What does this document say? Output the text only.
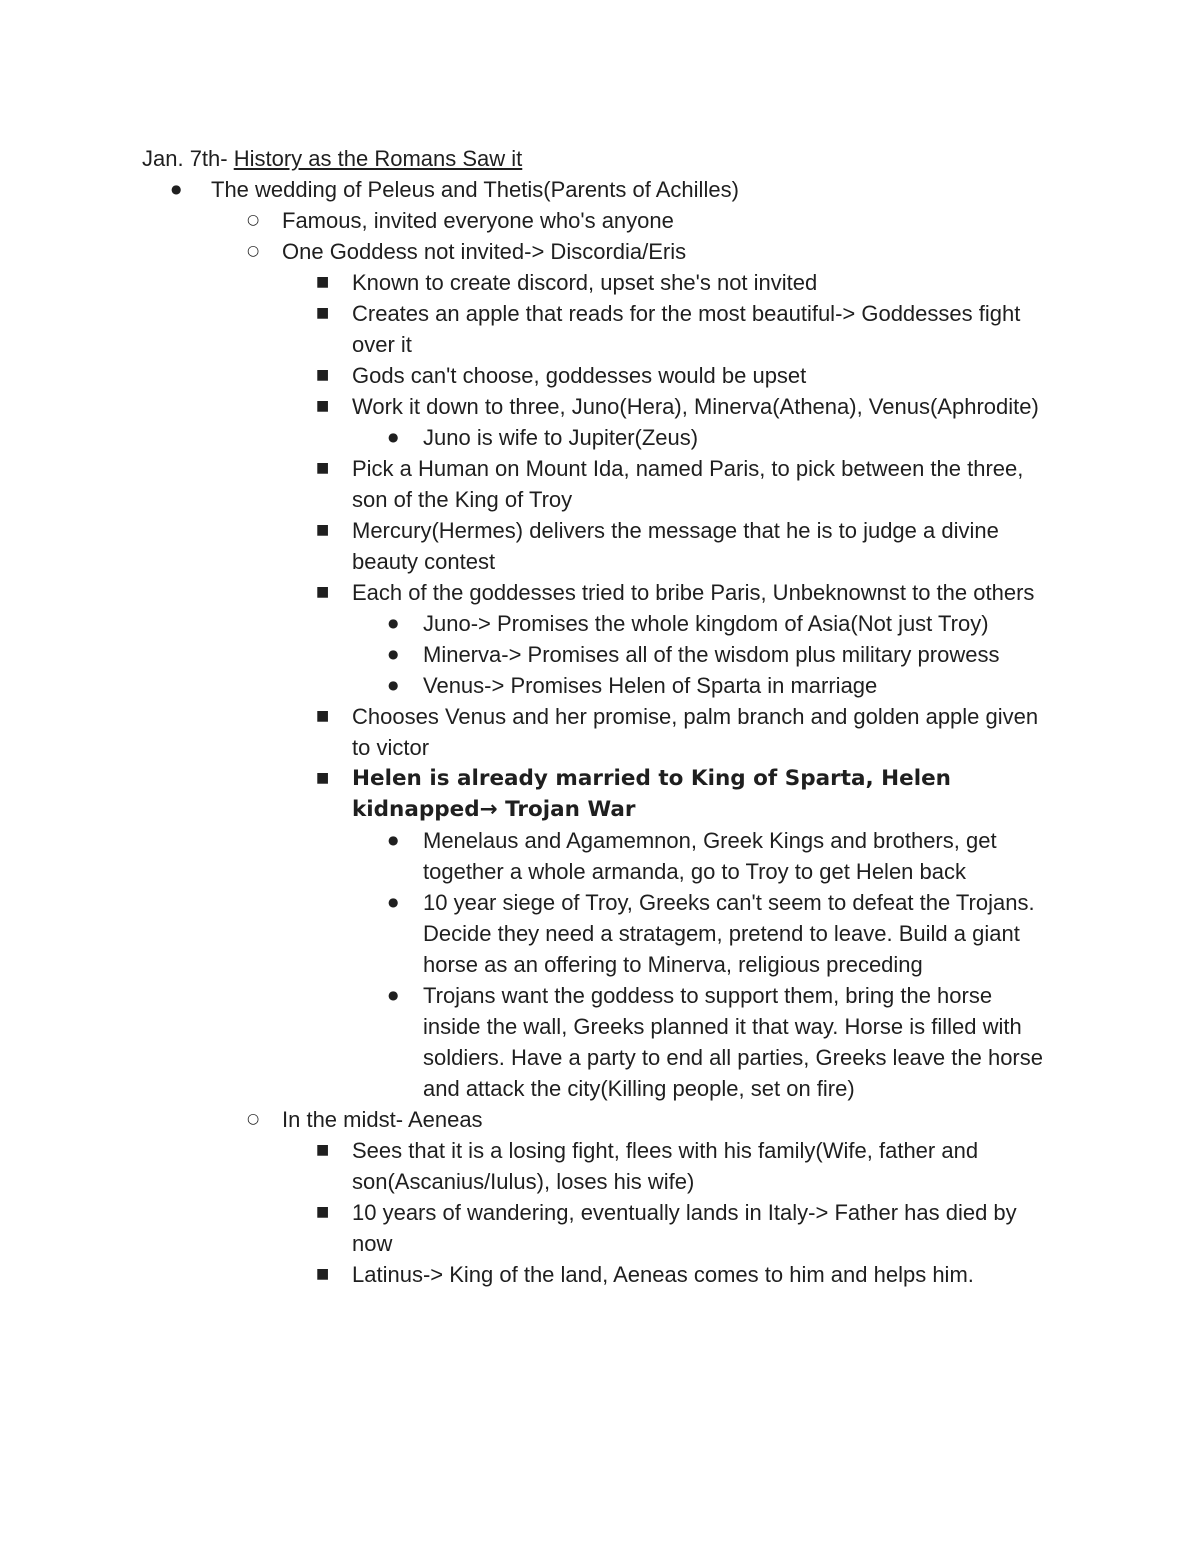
Jan. 7th- History as the Romans Saw it
● The wedding of Peleus and Thetis(Parents of Achilles)
○ Famous, invited everyone who's anyone
○ One Goddess not invited-> Discordia/Eris
■ Known to create discord, upset she's not invited
■ Creates an apple that reads for the most beautiful-> Goddesses fight over it
■ Gods can't choose, goddesses would be upset
■ Work it down to three, Juno(Hera), Minerva(Athena), Venus(Aphrodite)
● Juno is wife to Jupiter(Zeus)
■ Pick a Human on Mount Ida, named Paris, to pick between the three, son of the King of Troy
■ Mercury(Hermes) delivers the message that he is to judge a divine beauty contest
■ Each of the goddesses tried to bribe Paris, Unbeknownst to the others
● Juno-> Promises the whole kingdom of Asia(Not just Troy)
● Minerva-> Promises all of the wisdom plus military prowess
● Venus-> Promises Helen of Sparta in marriage
■ Chooses Venus and her promise, palm branch and golden apple given to victor
■ Helen is already married to King of Sparta, Helen kidnapped→ Trojan War
● Menelaus and Agamemnon, Greek Kings and brothers, get together a whole armanda, go to Troy to get Helen back
● 10 year siege of Troy, Greeks can't seem to defeat the Trojans. Decide they need a stratagem, pretend to leave. Build a giant horse as an offering to Minerva, religious preceding
● Trojans want the goddess to support them, bring the horse inside the wall, Greeks planned it that way. Horse is filled with soldiers. Have a party to end all parties, Greeks leave the horse and attack the city(Killing people, set on fire)
○ In the midst- Aeneas
■ Sees that it is a losing fight, flees with his family(Wife, father and son(Ascanius/Iulus), loses his wife)
■ 10 years of wandering, eventually lands in Italy-> Father has died by now
■ Latinus-> King of the land, Aeneas comes to him and helps him.
